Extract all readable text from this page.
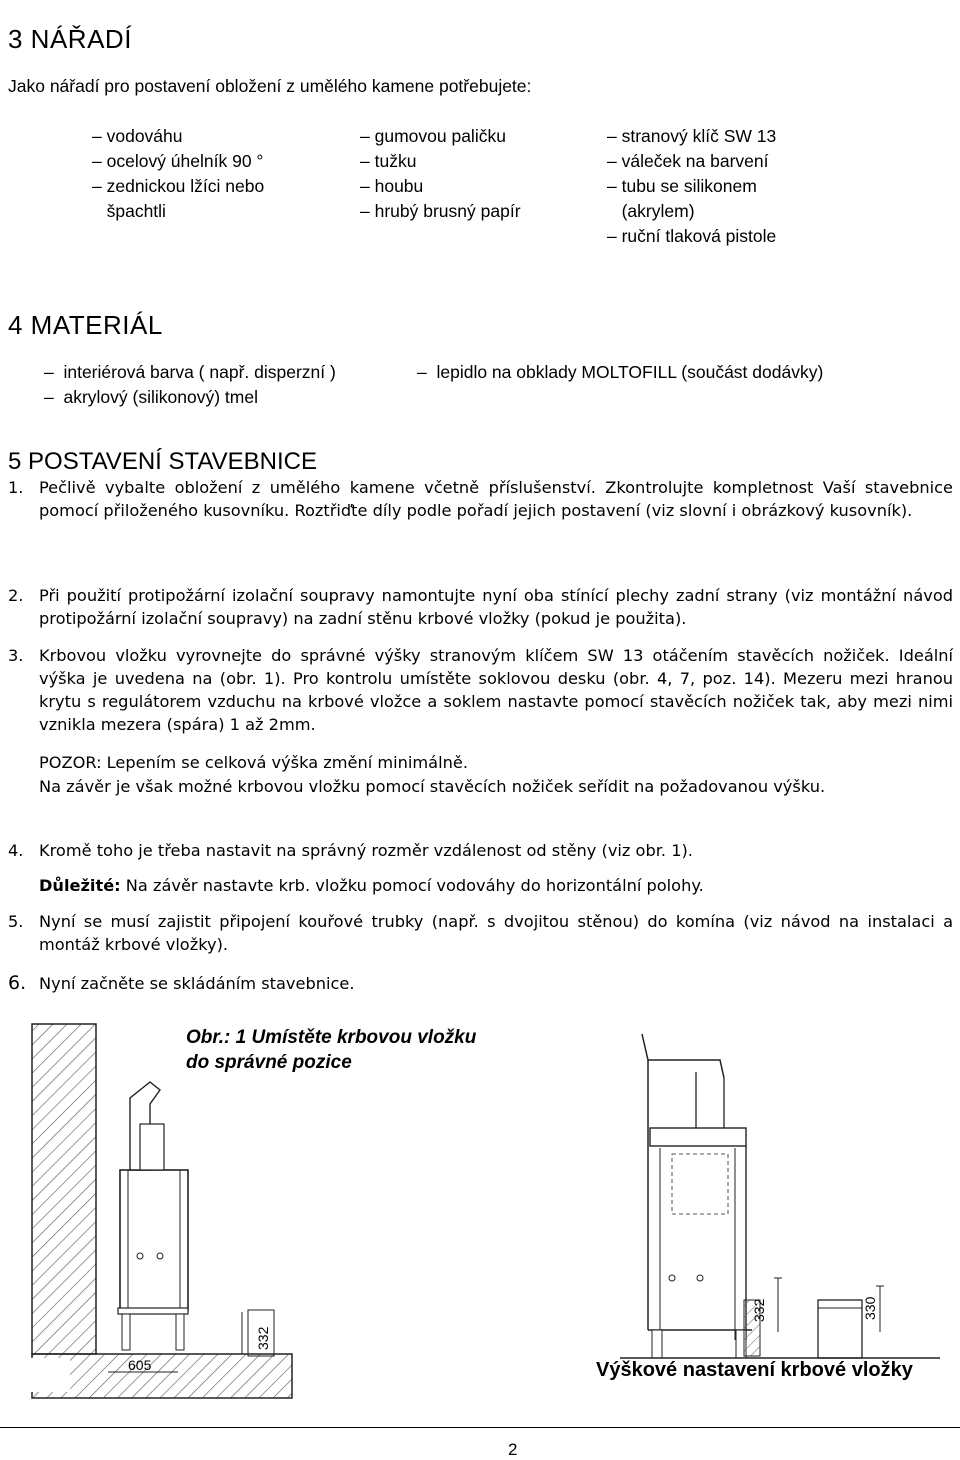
3 NÁŘADÍ
Jako nářadí pro postavení obložení z umělého kamene potřebujete:
– vodováhu
– ocelový úhelník 90 °
– zednickou lžíci nebo
špachtli
– gumovou paličku
– tužku
– houbu
– hrubý brusný papír
– stranový klíč SW 13
– váleček na barvení
– tubu se silikonem
(akrylem)
– ruční tlaková pistole
4 MATERIÁL
–  interiérová barva ( např. disperzní )
–  akrylový (silikonový) tmel
–  lepidlo na obklady MOLTOFILL (součást dodávky)
5 POSTAVENÍ STAVEBNICE
1. Pečlivě vybalte obložení z umělého kamene včetně příslušenství. Zkontrolujte kompletnost Vaší stavebnice pomocí přiloženého kusovníku. Roztřiďte díly podle pořadí jejich postavení (viz slovní i obrázkový kusovník).
2. Při použití protipožární izolační soupravy namontujte nyní oba stínící plechy zadní strany (viz montážní návod protipožární izolační soupravy) na zadní stěnu krbové vložky (pokud je použita).
3. Krbovou vložku vyrovnejte do správné výšky stranovým klíčem SW 13 otáčením stavěcích nožiček. Ideální výška je uvedena na (obr. 1). Pro kontrolu umístěte soklovou desku (obr. 4, 7, poz. 14). Mezeru mezi hranou krytu s regulátorem vzduchu na krbové vložce a soklem nastavte pomocí stavěcích nožiček tak, aby mezi nimi vznikla mezera (spára) 1 až 2mm.
POZOR: Lepením se celková výška změní minimálně.
Na závěr je však možné krbovou vložku pomocí stavěcích nožiček seřídit na požadovanou výšku.
4. Kromě toho je třeba nastavit na správný rozměr vzdálenost od stěny (viz obr. 1).
Důležité: Na závěr nastavte krb. vložku pomocí vodováhy do horizontální polohy.
5. Nyní se musí zajistit připojení kouřové trubky (např. s dvojitou stěnou) do komína (viz návod na instalaci a montáž krbové vložky).
6. Nyní začněte se skládáním stavebnice.
332
605
332	330
Obr.: 1 Umístěte krbovou vložku
do správné pozice
Výškové nastavení krbové vložky
2
